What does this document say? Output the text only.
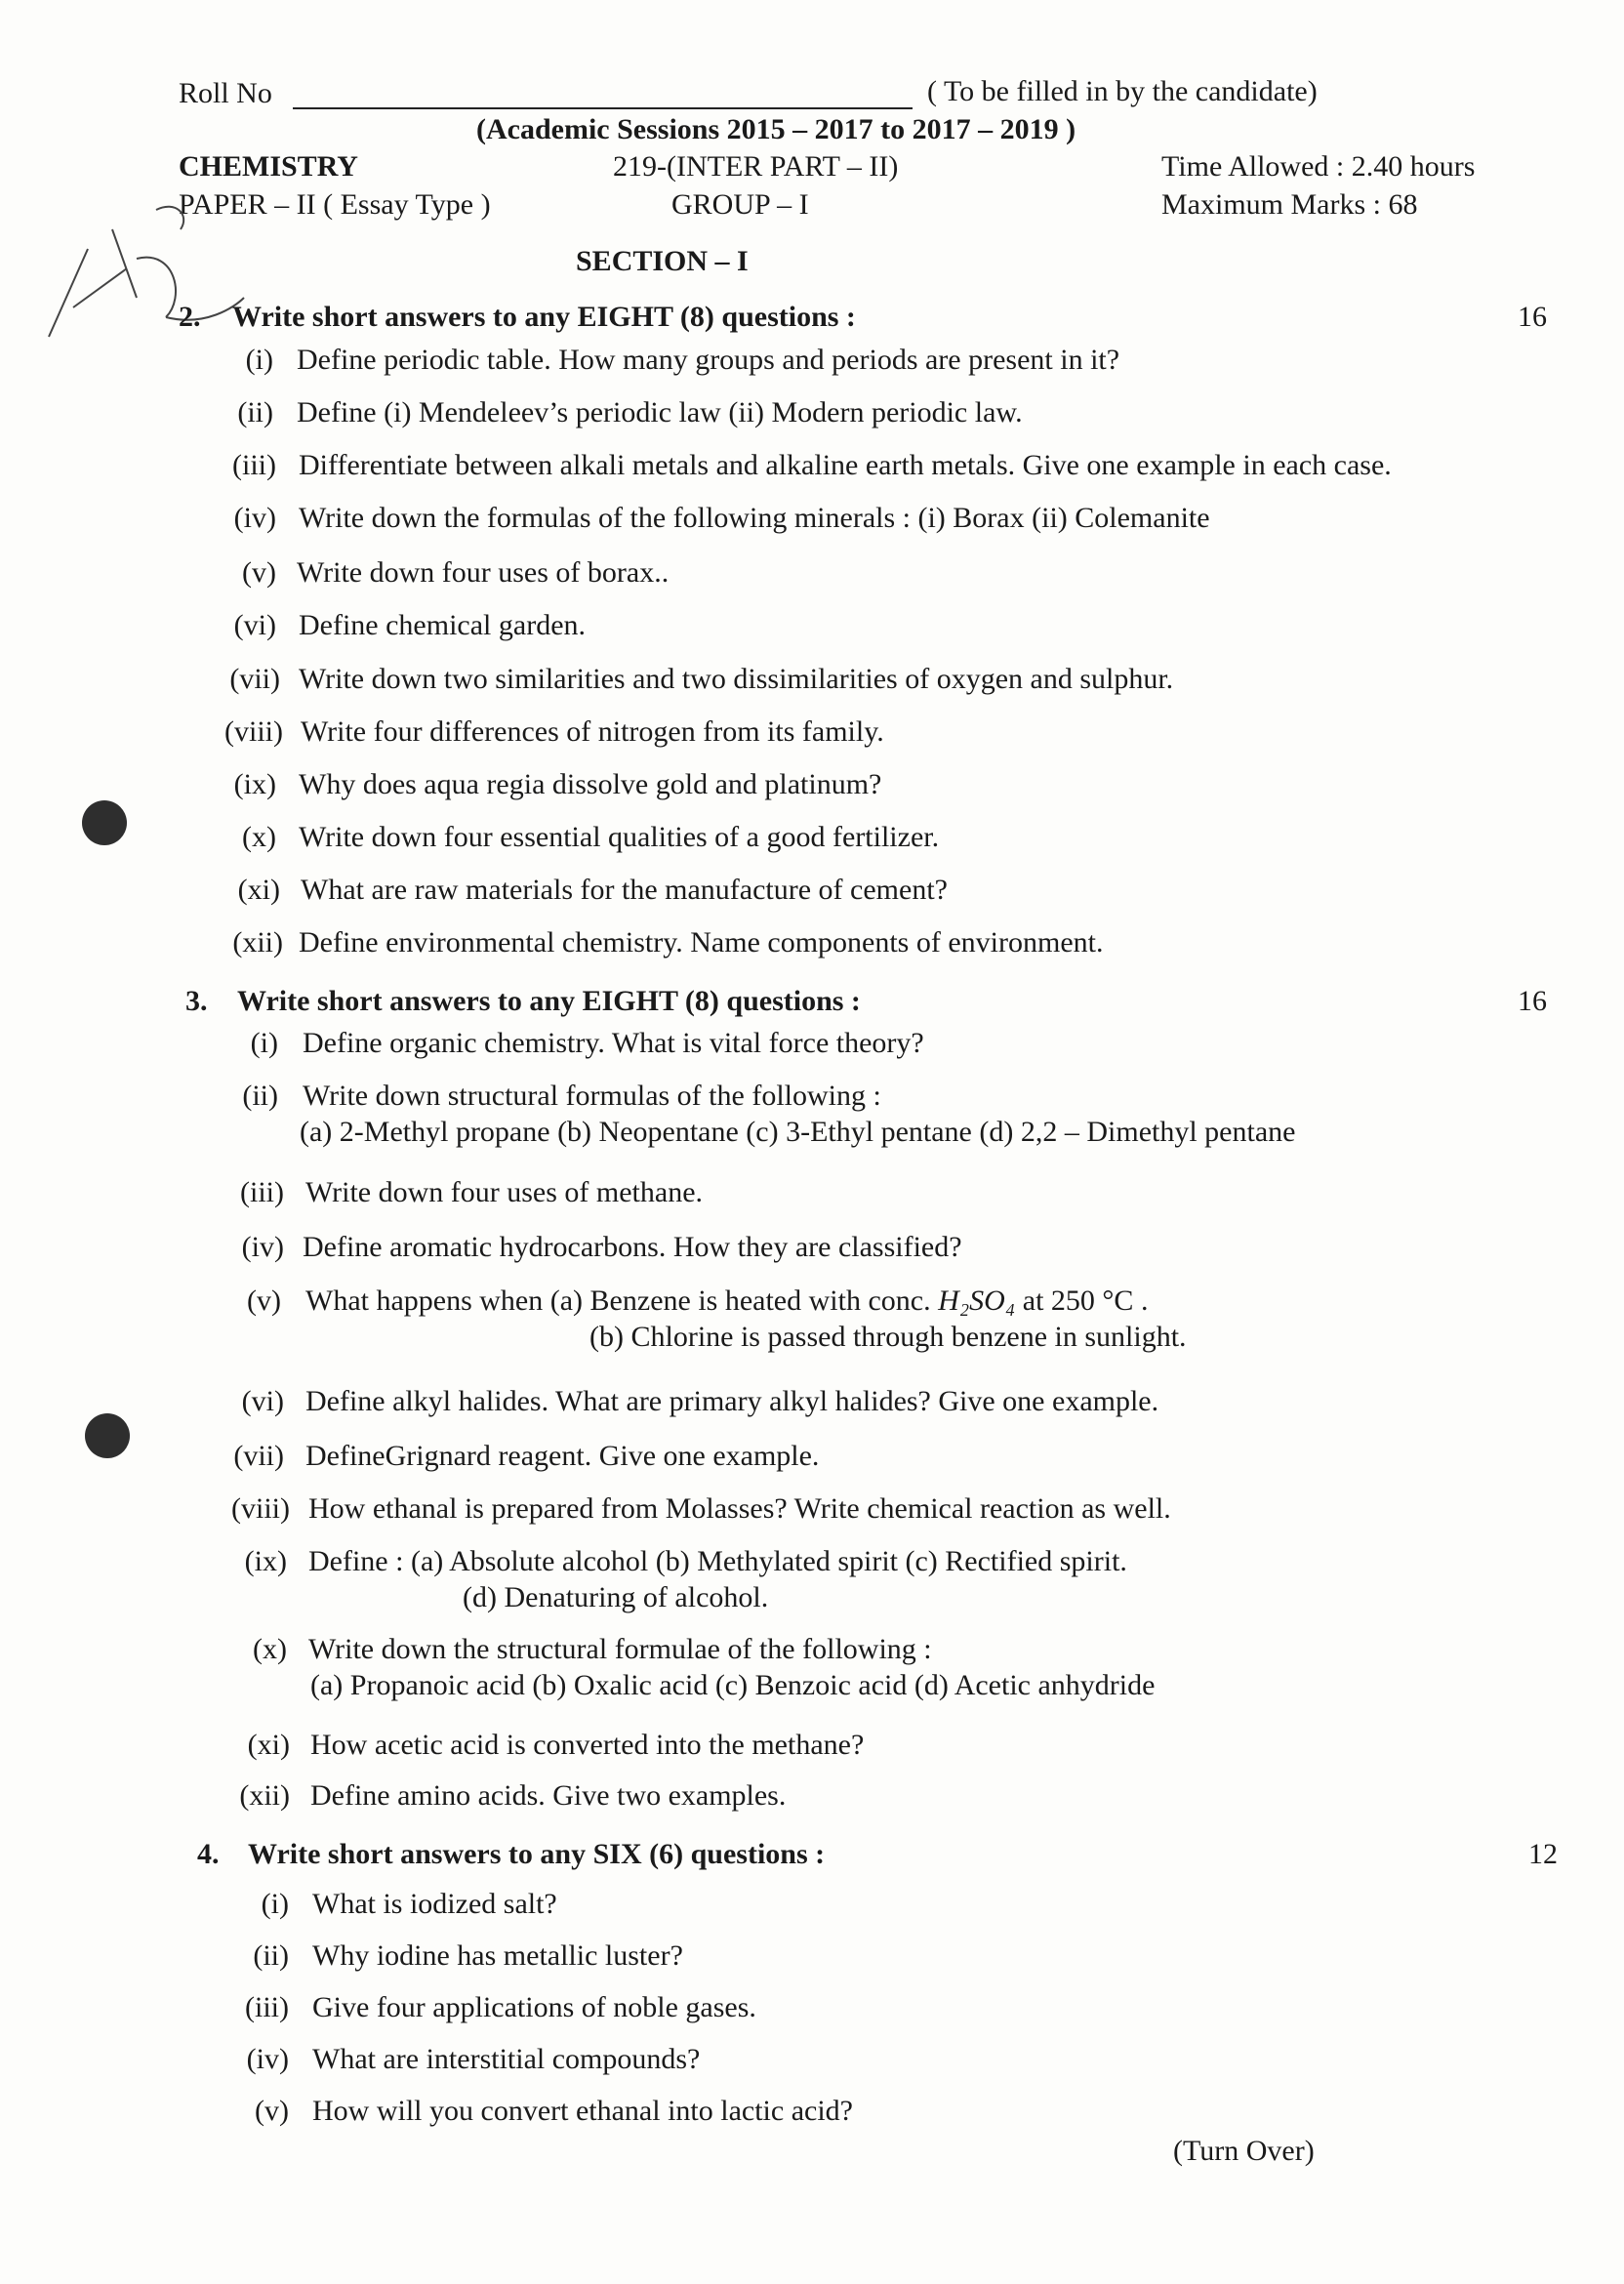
Roll No	( To be filled in by the candidate)
(Academic Sessions 2015 – 2017 to 2017 – 2019 )
CHEMISTRY	219-(INTER PART – II)	Time Allowed : 2.40 hours
PAPER – II ( Essay Type )	GROUP – I	Maximum Marks : 68
SECTION – I
2. Write short answers to any EIGHT (8) questions :	16
(i) Define periodic table. How many groups and periods are present in it?
(ii) Define (i) Mendeleev’s periodic law (ii) Modern periodic law.
(iii) Differentiate between alkali metals and alkaline earth metals. Give one example in each case.
(iv) Write down the formulas of the following minerals : (i) Borax (ii) Colemanite
(v) Write down four uses of borax..
(vi) Define chemical garden.
(vii) Write down two similarities and two dissimilarities of oxygen and sulphur.
(viii) Write four differences of nitrogen from its family.
(ix) Why does aqua regia dissolve gold and platinum?
(x) Write down four essential qualities of a good fertilizer.
(xi) What are raw materials for the manufacture of cement?
(xii) Define environmental chemistry. Name components of environment.
3. Write short answers to any EIGHT (8) questions :	16
(i) Define organic chemistry. What is vital force theory?
(ii) Write down structural formulas of the following :
(a) 2-Methyl propane (b) Neopentane (c) 3-Ethyl pentane (d) 2,2 – Dimethyl pentane
(iii) Write down four uses of methane.
(iv) Define aromatic hydrocarbons. How they are classified?
(v) What happens when (a) Benzene is heated with conc. H₂SO₄ at 250 °C .
(b) Chlorine is passed through benzene in sunlight.
(vi) Define alkyl halides. What are primary alkyl halides? Give one example.
(vii) DefineGrignard reagent. Give one example.
(viii) How ethanal is prepared from Molasses? Write chemical reaction as well.
(ix) Define : (a) Absolute alcohol (b) Methylated spirit (c) Rectified spirit.
(d) Denaturing of alcohol.
(x) Write down the structural formulae of the following :
(a) Propanoic acid (b) Oxalic acid (c) Benzoic acid (d) Acetic anhydride
(xi) How acetic acid is converted into the methane?
(xii) Define amino acids. Give two examples.
4. Write short answers to any SIX (6) questions :	12
(i) What is iodized salt?
(ii) Why iodine has metallic luster?
(iii) Give four applications of noble gases.
(iv) What are interstitial compounds?
(v) How will you convert ethanal into lactic acid?
(Turn Over)
